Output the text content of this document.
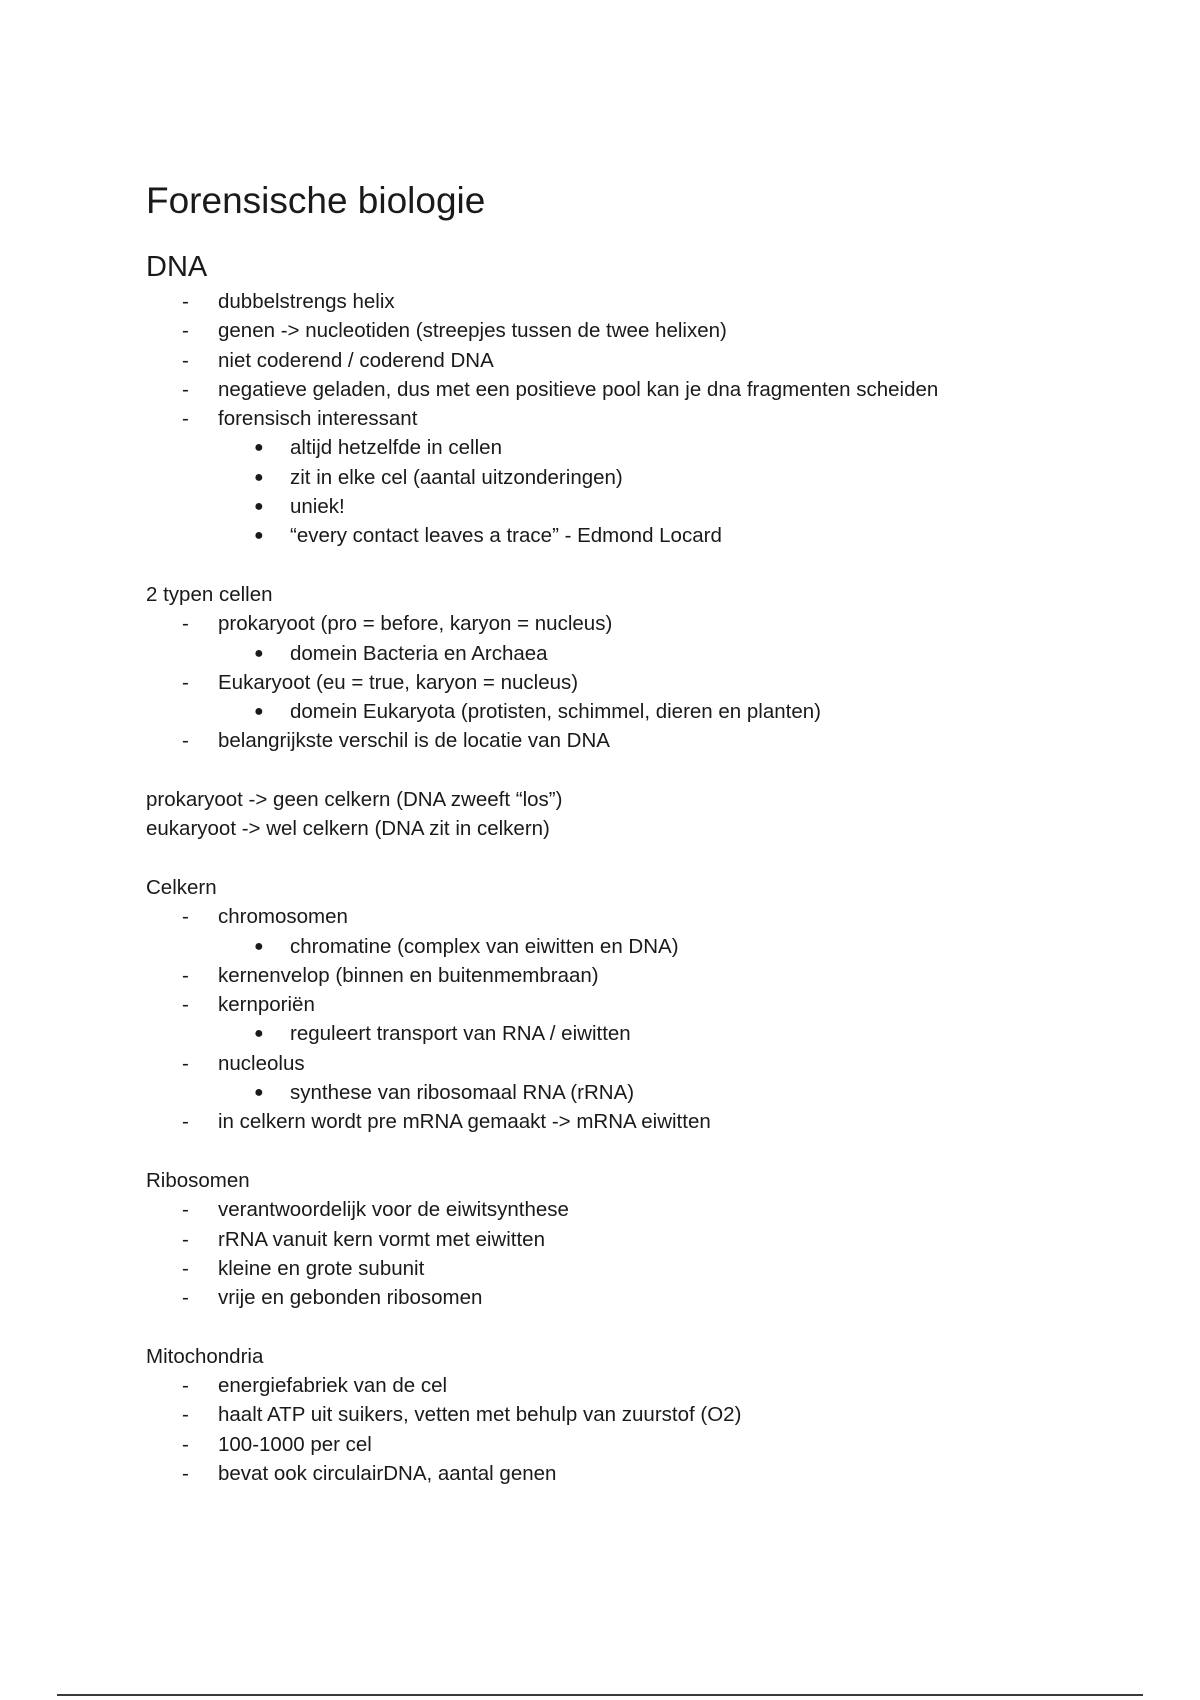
Forensische biologie
DNA
- dubbelstrengs helix
- genen -> nucleotiden (streepjes tussen de twee helixen)
- niet coderend / coderend DNA
- negatieve geladen, dus met een positieve pool kan je dna fragmenten scheiden
- forensisch interessant
● altijd hetzelfde in cellen
● zit in elke cel (aantal uitzonderingen)
● uniek!
● “every contact leaves a trace” - Edmond Locard

2 typen cellen

- prokaryoot (pro = before, karyon = nucleus)
● domein Bacteria en Archaea
- Eukaryoot (eu = true, karyon = nucleus)
● domein Eukaryota (protisten, schimmel, dieren en planten)
- belangrijkste verschil is de locatie van DNA

prokaryoot -> geen celkern (DNA zweeft “los”)

eukaryoot -> wel celkern (DNA zit in celkern)

Celkern

- chromosomen
● chromatine (complex van eiwitten en DNA)
- kernenvelop (binnen en buitenmembraan)
- kernporiën
● reguleert transport van RNA / eiwitten
- nucleolus
● synthese van ribosomaal RNA (rRNA)
- in celkern wordt pre mRNA gemaakt -> mRNA eiwitten

Ribosomen

- verantwoordelijk voor de eiwitsynthese
- rRNA vanuit kern vormt met eiwitten
- kleine en grote subunit
- vrije en gebonden ribosomen

Mitochondria

- energiefabriek van de cel
- haalt ATP uit suikers, vetten met behulp van zuurstof (O2)
- 100-1000 per cel
- bevat ook circulairDNA, aantal genen
